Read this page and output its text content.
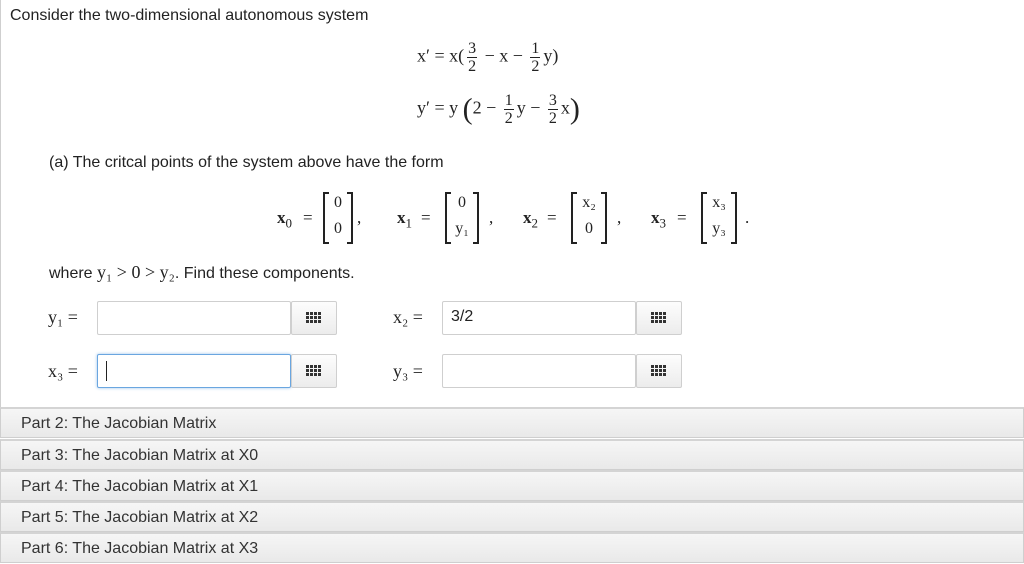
Consider the two-dimensional autonomous system
$x' = x( \frac{3}{2} - x - \frac{1}{2} y)$
y′ = y ($2 - \frac{1}{2}$ $y - \frac{3}{2} x$)
(a) The critcal points of the system above have the form
$x_0$ =
0
0
, $x_1$ =
0
y₁
, $x_2$ =
x₂
0
, $x_3$ =
x₃
y₃
.
where y₁ > 0 > y₂. Find these components.
y₁ =	x₂ =	3/2
x₃ =	y₃ =
Part 2: The Jacobian Matrix
Part 3: The Jacobian Matrix at X0
Part 4: The Jacobian Matrix at X1
Part 5: The Jacobian Matrix at X2
Part 6: The Jacobian Matrix at X3
